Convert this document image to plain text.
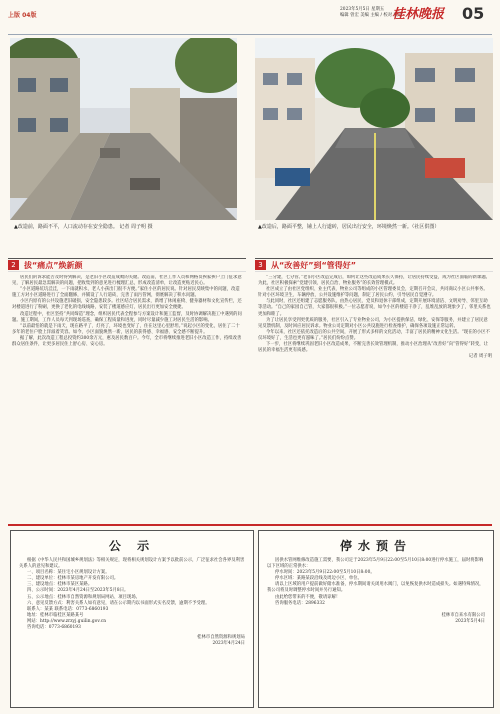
上版 04版
2023年5月5日 星期五
编辑 曾宏 美编 主编 / 校对 蒙欣
桂林晚报 05
▲改造前，路面不平，人口流动存在安全隐患。 记者 周子明 摄	▲改造后，路面平整，铺上人行道砖，居民出行安全，环境焕然一新。（社区供图）
2	拔“痛点”焕新颜

居民们的诉求能否及时得到解决，是老旧小区改造成败的关键。改造前，社区工作人员和网格员挨家挨户上门征求意见，了解居民最急需解决的问题，把收集到的意见进行梳理汇总，形成改造清单，让改造更贴近民心。

“小区道路坑坑洼洼，一下雨就积水，老人小孩出门很不方便。”家住小区的居民说。针对居民反映集中的问题，改造施工方对小区道路进行了全面翻修，并铺设了人行道砖，完善了雨污管网，彻底解决了积水问题。

小区内原有的公共设施老旧破损，安全隐患较多。社区结合居民需求，新增了休闲座椅、健身器材和文化宣传栏，还对楼道进行了粉刷，更换了老化的电线线路，安装了楼道感应灯，居民出行更加安全便捷。

改造过程中，社区坚持“共同缔造”理念，组织居民代表全程参与方案设计和施工监督，及时协调解决施工中遇到的问题。施工期间，工作人员每天到现场巡查，确保工程质量和进度，同时尽量减少施工对居民生活的影响。

“以前最怕的就是下雨天，现在路平了、灯亮了，环境也变好了，住在这里心里舒坦。”说起小区的变化，居住了二十多年的老住户脸上洋溢着笑容。如今，小区面貌焕然一新，居民的获得感、幸福感、安全感不断提升。

据了解，此次改造工程总投资约300余万元，惠及居民数百户。今年，全市将继续推进老旧小区改造工作，持续改善群众居住条件，让更多居民住上舒心房、安心房。

3	从“改善好”到“管得好”

“三分建，七分管。”老旧小区改造完成后，如何让这些改造成果长久保持，让居民持续受益，成为社区面临的新课题。为此，社区积极探索“党建引领、居民自治、物业服务”的长效管理模式。

社区成立了由社区党组织、业主代表、物业公司等组成的小区管理委员会，定期召开会议，共同商议小区公共事务。针对小区环境卫生、车辆停放、公共设施维护等问题，制定了居民公约，引导居民自觉遵守。

与此同时，社区还组建了志愿服务队，由热心居民、党员和退休干部组成，定期开展环境清洁、文明劝导、邻里互助等活动。“自己的家园自己管，大家都很积极。”一位志愿者说，如今小区的楼道干净了，乱堆乱放的现象少了，邻里关系也更加和睦了。

为了让居民享受到更优质的服务，社区引入了专业物业公司，为小区提供保洁、绿化、安保等服务，并建立了居民意见反馈机制，及时回应居民诉求。物业公司定期对小区公共设施进行检查维护，确保各项设施正常运转。

今年以来，社区还依托改造后的公共空间，开展了形式多样的文化活动，丰富了居民的精神文化生活。“现在的小区不仅环境好了，生活也更有滋味了。”居民们纷纷点赞。

下一步，社区将继续巩固老旧小区改造成果，不断完善长效管理机制，推动小区治理从“改善好”向“管得好”转变，让居民的幸福生活更有质感。

记者 周子明

公 示

根据《中华人民共和国城乡规划法》等相关规定，现将相关规划设计方案予以批前公示，广泛征求社会各界及利害关系人的意见和建议。

一、项目名称：某住宅小区规划设计方案。

二、建设单位：桂林市某房地产开发有限公司。

三、建设地点：桂林市某区某路。

四、公示时间：2023年4月24日至2023年5月8日。

五、公示地点：桂林市自然资源和规划局网站、项目现场。

六、意见反馈方式：利害关系人如有意见，请在公示期内以书面形式实名反馈，逾期不予受理。

联系人：某某 联系电话：0773-6860193

地址：桂林市临桂区某路某号

网站：http://www.zrzyj.guilin.gov.cn

咨询电话：0773-6860193

桂林市自然资源和规划局

2023年4月24日

停水预告

因供水管网维修改造施工需要，我公司定于2023年5月9日22:00至5月10日8:00进行停水施工，届时将影响以下区域的正常供水：

停水时间：2023年5月9日22:00至5月10日8:00。

停水区域：某路某段沿线及周边小区、单位。

请以上区域的用户提前做好储水准备，停水期间请关闭用水阀门，以免恢复供水时造成损失。如遇特殊情况，我公司将及时调整停水时间并另行通知。

由此给您带来的不便，敬请谅解！

咨询服务电话：2896332

桂林市自来水有限公司

2023年5月4日
